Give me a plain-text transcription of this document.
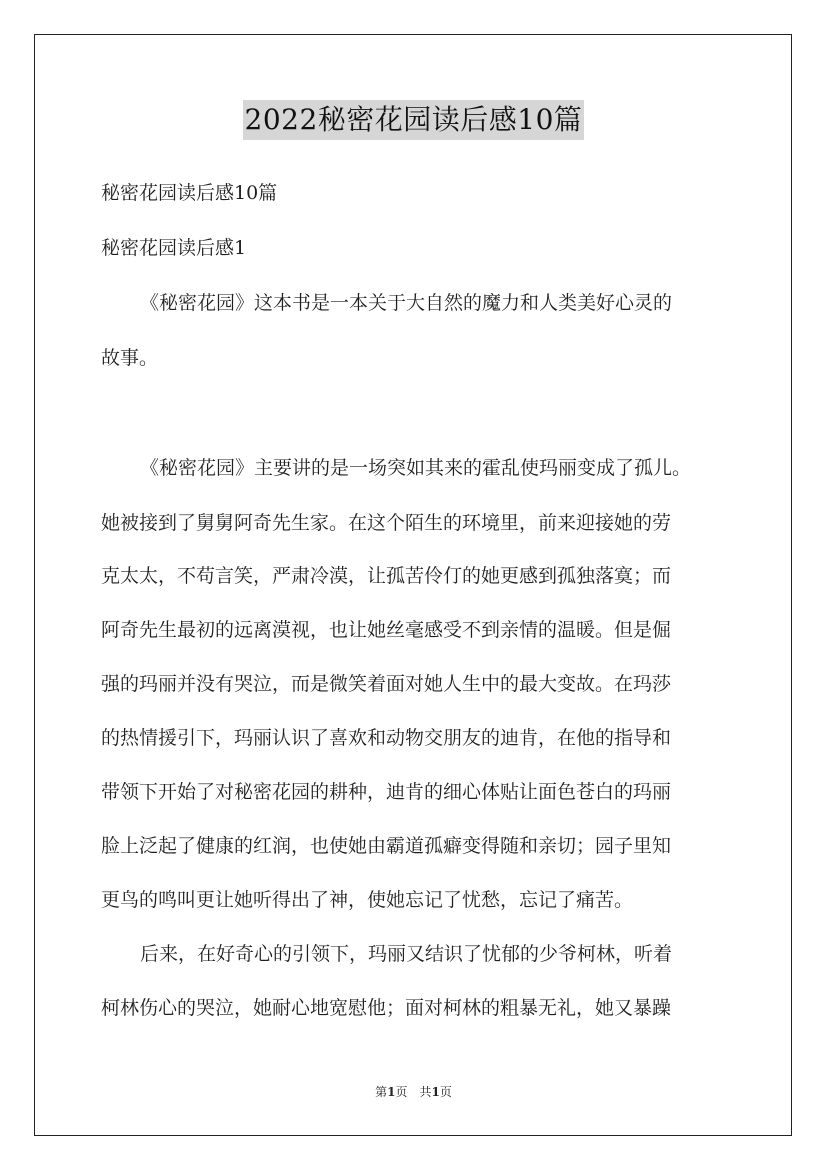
2022秘密花园读后感10篇
秘密花园读后感10篇
秘密花园读后感1
《秘密花园》这本书是一本关于大自然的魔力和人类美好心灵的
故事。
《秘密花园》主要讲的是一场突如其来的霍乱使玛丽变成了孤儿。
她被接到了舅舅阿奇先生家。在这个陌生的环境里，前来迎接她的劳
克太太，不苟言笑，严肃冷漠，让孤苦伶仃的她更感到孤独落寞；而
阿奇先生最初的远离漠视，也让她丝毫感受不到亲情的温暖。但是倔
强的玛丽并没有哭泣，而是微笑着面对她人生中的最大变故。在玛莎
的热情援引下，玛丽认识了喜欢和动物交朋友的迪肯，在他的指导和
带领下开始了对秘密花园的耕种，迪肯的细心体贴让面色苍白的玛丽
脸上泛起了健康的红润，也使她由霸道孤癖变得随和亲切；园子里知
更鸟的鸣叫更让她听得出了神，使她忘记了忧愁，忘记了痛苦。
后来，在好奇心的引领下，玛丽又结识了忧郁的少爷柯林，听着
柯林伤心的哭泣，她耐心地宽慰他；面对柯林的粗暴无礼，她又暴躁
第1页　共1页
